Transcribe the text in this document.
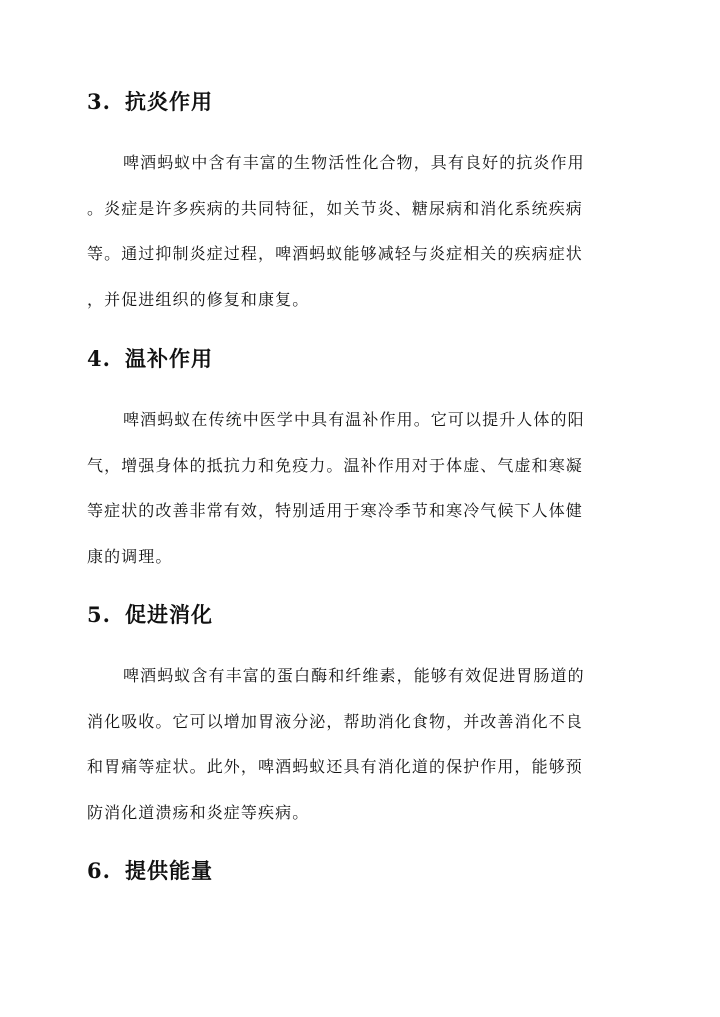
3. 抗炎作用
啤酒蚂蚁中含有丰富的生物活性化合物，具有良好的抗炎作用
。炎症是许多疾病的共同特征，如关节炎、糖尿病和消化系统疾病
等。通过抑制炎症过程，啤酒蚂蚁能够减轻与炎症相关的疾病症状
，并促进组织的修复和康复。
4. 温补作用
啤酒蚂蚁在传统中医学中具有温补作用。它可以提升人体的阳
气，增强身体的抵抗力和免疫力。温补作用对于体虚、气虚和寒凝
等症状的改善非常有效，特别适用于寒冷季节和寒冷气候下人体健
康的调理。
5. 促进消化
啤酒蚂蚁含有丰富的蛋白酶和纤维素，能够有效促进胃肠道的
消化吸收。它可以增加胃液分泌，帮助消化食物，并改善消化不良
和胃痛等症状。此外，啤酒蚂蚁还具有消化道的保护作用，能够预
防消化道溃疡和炎症等疾病。
6. 提供能量
